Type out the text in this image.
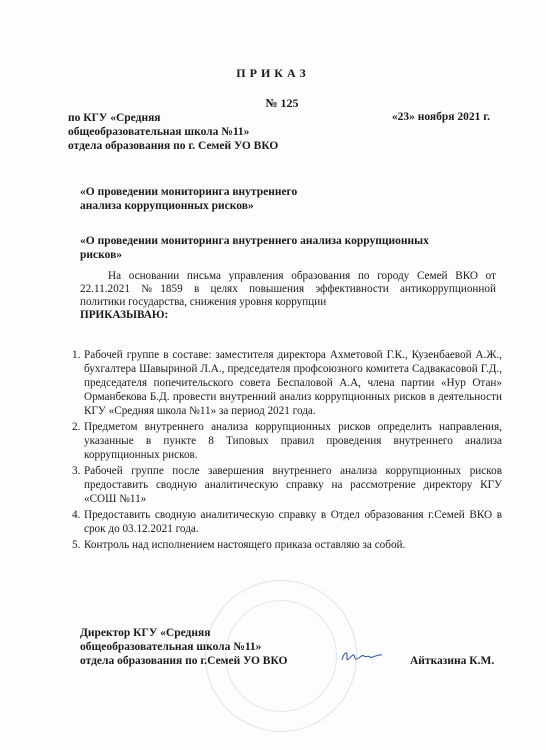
ПРИКАЗ
№ 125
по КГУ «Средняя
общеобразовательная школа №11»
отдела образования по г. Семей УО ВКО
«23» ноября 2021 г.
«О проведении мониторинга внутреннего
анализа коррупционных рисков»
«О проведении мониторинга внутреннего анализа коррупционных
рисков»
На основании письма управления образования по городу Семей ВКО от
22.11.2021 №1859 в целях повышения эффективности антикоррупционной
политики государства, снижения уровня коррупции
ПРИКАЗЫВАЮ:
1. Рабочей группе в составе: заместителя директора Ахметовой Г.К., Кузенбаевой А.Ж., бухгалтера Шавыриной Л.А., председателя профсоюзного комитета Садвакасовой Г.Д., председателя попечительского совета Беспаловой А.А, члена партии «Нур Отан» Орманбекова Б.Д. провести внутренний анализ коррупционных рисков в деятельности КГУ «Средняя школа №11» за период 2021 года.
2. Предметом внутреннего анализа коррупционных рисков определить направления, указанные в пункте 8 Типовых правил проведения внутреннего анализа коррупционных рисков.
3. Рабочей группе после завершения внутреннего анализа коррупционных рисков предоставить сводную аналитическую справку на рассмотрение директору КГУ «СОШ №11»
4. Предоставить сводную аналитическую справку в Отдел образования г.Семей ВКО в срок до 03.12.2021 года.
5. Контроль над исполнением настоящего приказа оставляю за собой.
Директор КГУ «Средняя
общеобразовательная школа №11»
отдела образования по г.Семей УО ВКО	Айтказина К.М.
